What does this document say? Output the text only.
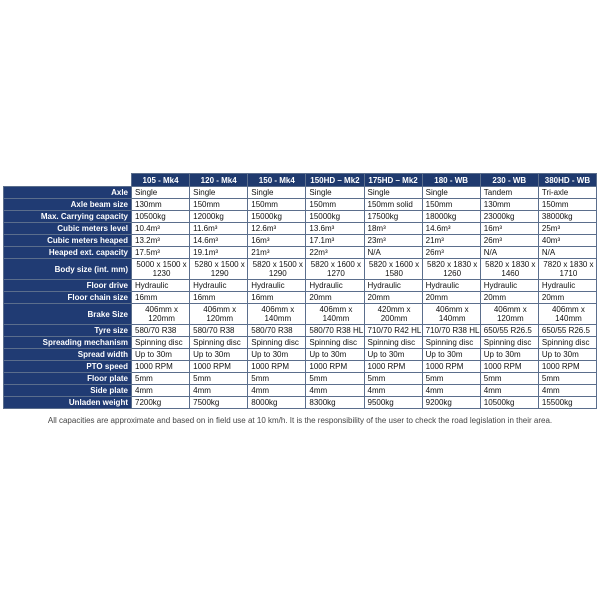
	105 - Mk4	120 - Mk4	150 - Mk4	150HD – Mk2	175HD – Mk2	180 - WB	230 - WB	380HD - WB
Axle	Single	Single	Single	Single	Single	Single	Tandem	Tri-axle
Axle beam size	130mm	150mm	150mm	150mm	150mm solid	150mm	130mm	150mm
Max. Carrying capacity	10500kg	12000kg	15000kg	15000kg	17500kg	18000kg	23000kg	38000kg
Cubic meters level	10.4m³	11.6m³	12.6m³	13.6m³	18m³	14.6m³	16m³	25m³
Cubic meters heaped	13.2m³	14.6m³	16m³	17.1m³	23m³	21m³	26m³	40m³
Heaped ext. capacity	17.5m³	19.1m³	21m³	22m³	N/A	26m³	N/A	N/A
Body size (int. mm)	5000 x 1500 x 1230	5280 x 1500 x 1290	5820 x 1500 x 1290	5820 x 1600 x 1270	5820 x 1600 x 1580	5820 x 1830 x 1260	5820 x 1830 x 1460	7820 x 1830 x 1710
Floor drive	Hydraulic	Hydraulic	Hydraulic	Hydraulic	Hydraulic	Hydraulic	Hydraulic	Hydraulic
Floor chain size	16mm	16mm	16mm	20mm	20mm	20mm	20mm	20mm
Brake Size	406mm x 120mm	406mm x 120mm	406mm x 140mm	406mm x 140mm	420mm x 200mm	406mm x 140mm	406mm x 120mm	406mm x 140mm
Tyre size	580/70 R38	580/70 R38	580/70 R38	580/70 R38 HL	710/70 R42 HL	710/70 R38 HL	650/55 R26.5	650/55 R26.5
Spreading mechanism	Spinning disc	Spinning disc	Spinning disc	Spinning disc	Spinning disc	Spinning disc	Spinning disc	Spinning disc
Spread width	Up to 30m	Up to 30m	Up to 30m	Up to 30m	Up to 30m	Up to 30m	Up to 30m	Up to 30m
PTO speed	1000 RPM	1000 RPM	1000 RPM	1000 RPM	1000 RPM	1000 RPM	1000 RPM	1000 RPM
Floor plate	5mm	5mm	5mm	5mm	5mm	5mm	5mm	5mm
Side plate	4mm	4mm	4mm	4mm	4mm	4mm	4mm	4mm
Unladen weight	7200kg	7500kg	8000kg	8300kg	9500kg	9200kg	10500kg	15500kg
All capacities are approximate and based on in field use at 10 km/h. It is the responsibility of the user to check the road legislation in their area.
